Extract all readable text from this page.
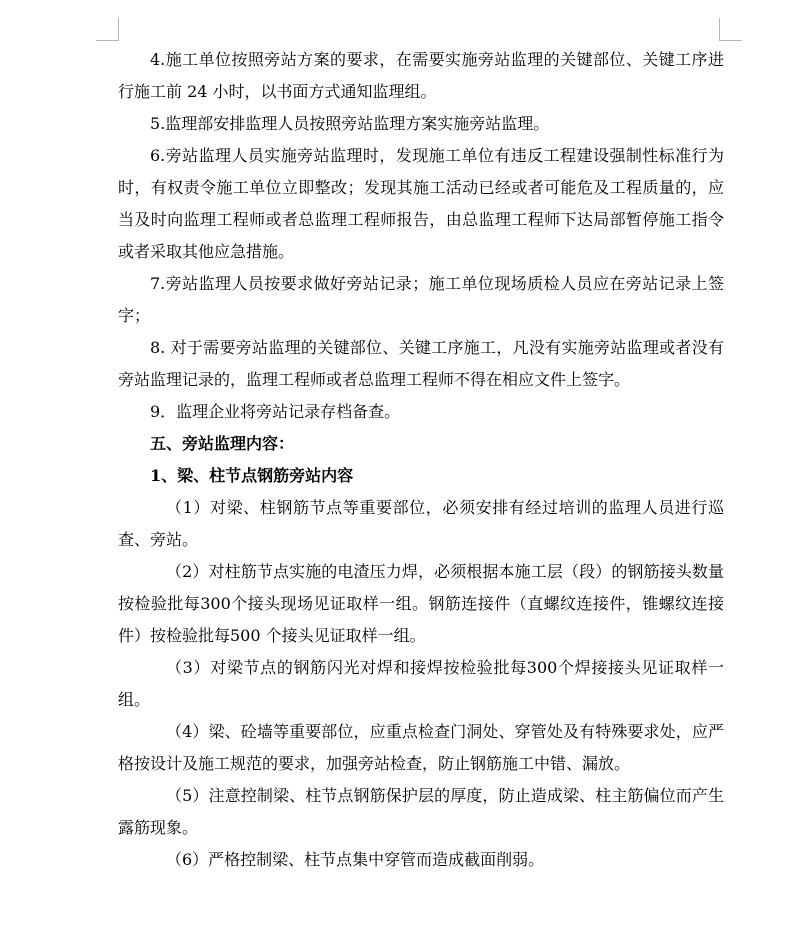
4.施工单位按照旁站方案的要求，在需要实施旁站监理的关键部位、关键工序进行施工前 24 小时，以书面方式通知监理组。

5.监理部安排监理人员按照旁站监理方案实施旁站监理。

6.旁站监理人员实施旁站监理时，发现施工单位有违反工程建设强制性标准行为时，有权责令施工单位立即整改；发现其施工活动已经或者可能危及工程质量的，应当及时向监理工程师或者总监理工程师报告，由总监理工程师下达局部暂停施工指令或者采取其他应急措施。

7.旁站监理人员按要求做好旁站记录；施工单位现场质检人员应在旁站记录上签字；

8. 对于需要旁站监理的关键部位、关键工序施工，凡没有实施旁站监理或者没有旁站监理记录的，监理工程师或者总监理工程师不得在相应文件上签字。

9．监理企业将旁站记录存档备查。

五、旁站监理内容：

1、梁、柱节点钢筋旁站内容

（1）对梁、柱钢筋节点等重要部位，必须安排有经过培训的监理人员进行巡查、旁站。

（2）对柱筋节点实施的电渣压力焊，必须根据本施工层（段）的钢筋接头数量按检验批每300个接头现场见证取样一组。钢筋连接件（直螺纹连接件，锥螺纹连接件）按检验批每500 个接头见证取样一组。

（3）对梁节点的钢筋闪光对焊和接焊按检验批每300个焊接接头见证取样一组。

（4）梁、砼墙等重要部位，应重点检查门洞处、穿管处及有特殊要求处，应严格按设计及施工规范的要求，加强旁站检查，防止钢筋施工中错、漏放。

（5）注意控制梁、柱节点钢筋保护层的厚度，防止造成梁、柱主筋偏位而产生露筋现象。

（6）严格控制梁、柱节点集中穿管而造成截面削弱。
